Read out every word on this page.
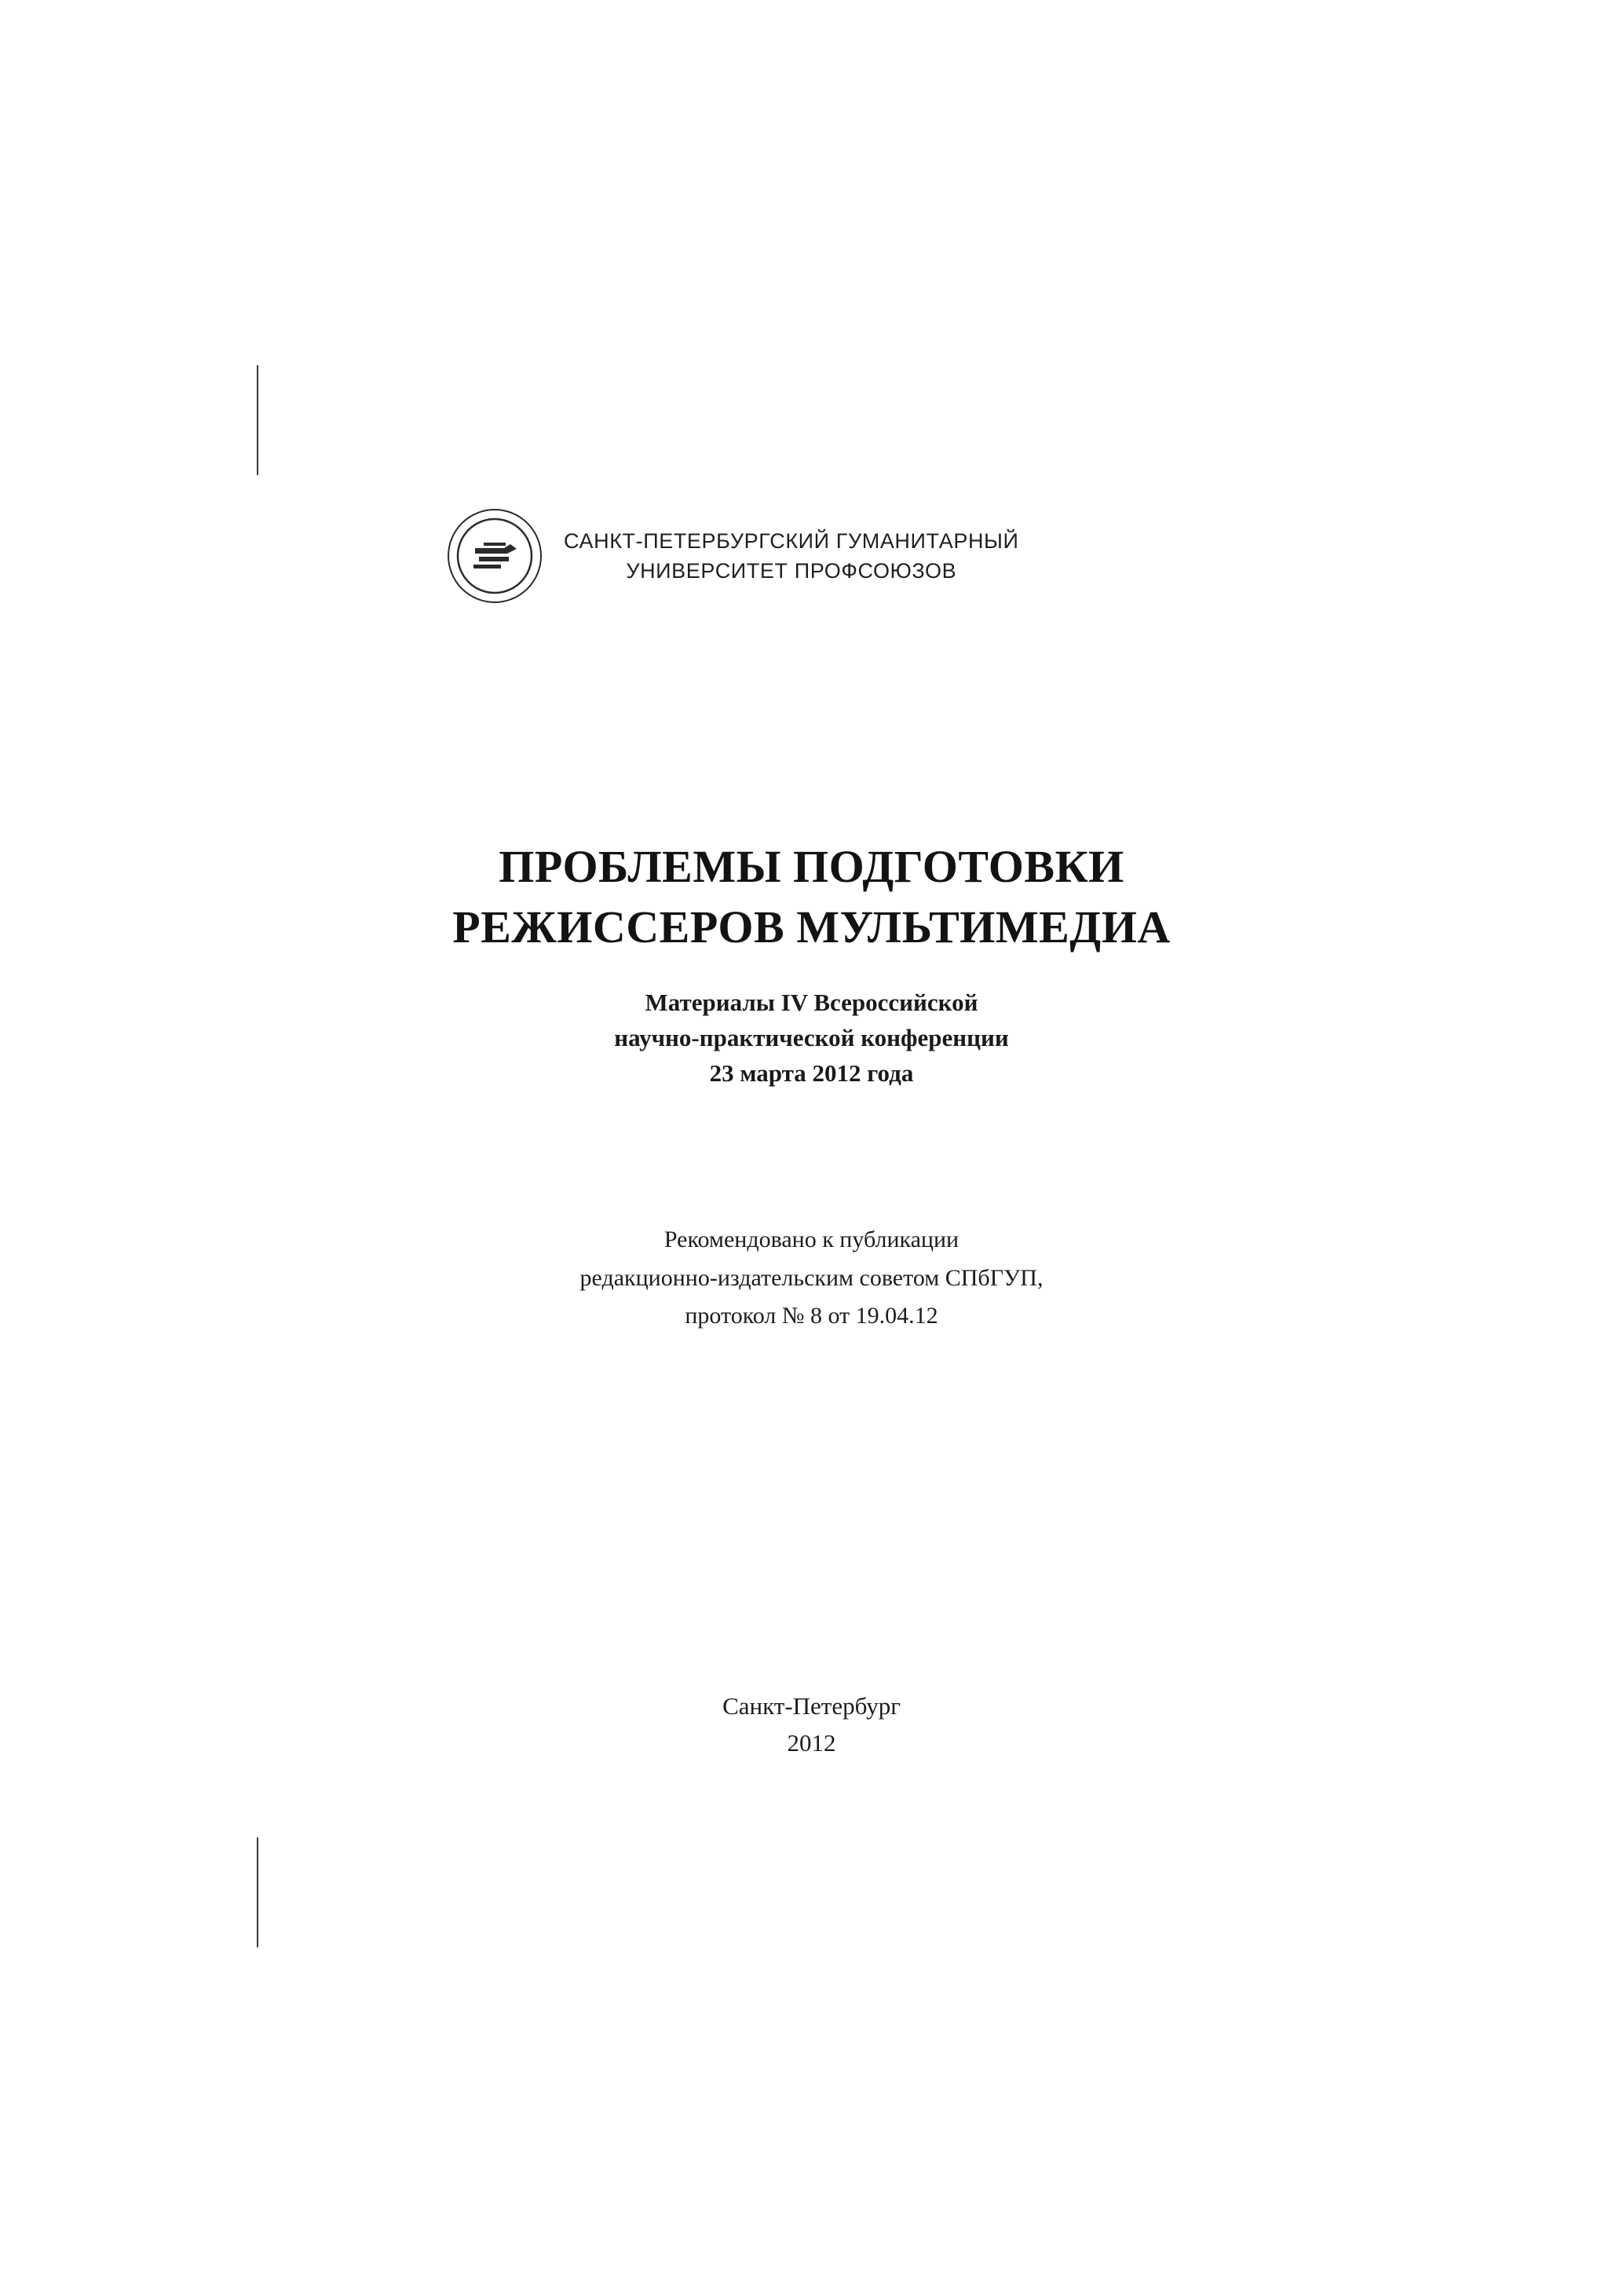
САНКТ-ПЕТЕРБУРГСКИЙ ГУМАНИТАРНЫЙ
УНИВЕРСИТЕТ ПРОФСОЮЗОВ
ПРОБЛЕМЫ ПОДГОТОВКИ
РЕЖИССЕРОВ МУЛЬТИМЕДИА
Материалы IV Всероссийской
научно-практической конференции
23 марта 2012 года
Рекомендовано к публикации
редакционно-издательским советом СПбГУП,
протокол № 8 от 19.04.12
Санкт-Петербург
2012
